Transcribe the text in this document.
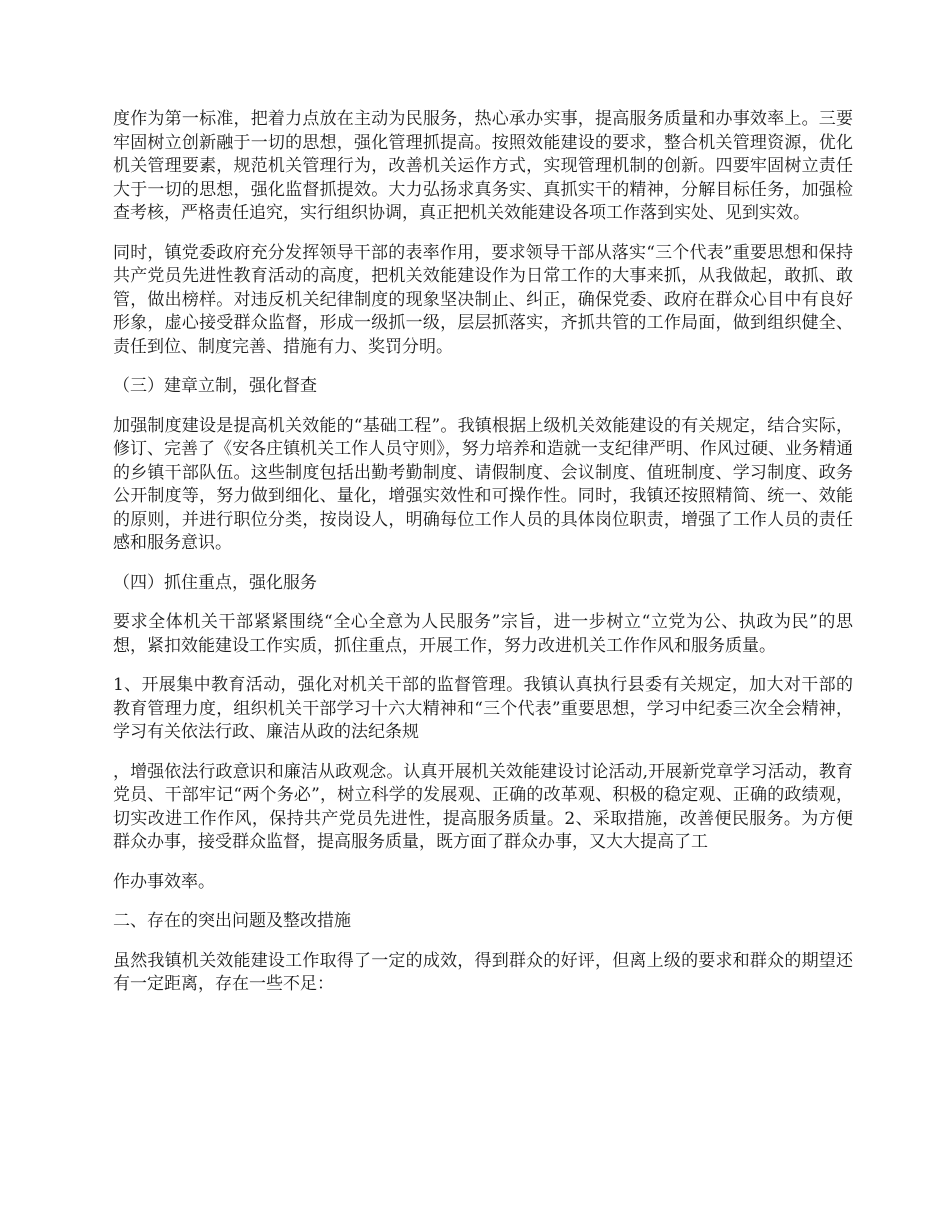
度作为第一标准，把着力点放在主动为民服务，热心承办实事，提高服务质量和办事效率上。三要牢固树立创新融于一切的思想，强化管理抓提高。按照效能建设的要求，整合机关管理资源，优化机关管理要素，规范机关管理行为，改善机关运作方式，实现管理机制的创新。四要牢固树立责任大于一切的思想，强化监督抓提效。大力弘扬求真务实、真抓实干的精神，分解目标任务，加强检查考核，严格责任追究，实行组织协调，真正把机关效能建设各项工作落到实处、见到实效。

同时，镇党委政府充分发挥领导干部的表率作用，要求领导干部从落实“三个代表”重要思想和保持共产党员先进性教育活动的高度，把机关效能建设作为日常工作的大事来抓，从我做起，敢抓、敢管，做出榜样。对违反机关纪律制度的现象坚决制止、纠正，确保党委、政府在群众心目中有良好形象，虚心接受群众监督，形成一级抓一级，层层抓落实，齐抓共管的工作局面，做到组织健全、责任到位、制度完善、措施有力、奖罚分明。

（三）建章立制，强化督查

加强制度建设是提高机关效能的“基础工程”。我镇根据上级机关效能建设的有关规定，结合实际，修订、完善了《安各庄镇机关工作人员守则》，努力培养和造就一支纪律严明、作风过硬、业务精通的乡镇干部队伍。这些制度包括出勤考勤制度、请假制度、会议制度、值班制度、学习制度、政务公开制度等，努力做到细化、量化，增强实效性和可操作性。同时，我镇还按照精简、统一、效能的原则，并进行职位分类，按岗设人，明确每位工作人员的具体岗位职责，增强了工作人员的责任感和服务意识。

（四）抓住重点，强化服务

要求全体机关干部紧紧围绕“全心全意为人民服务”宗旨，进一步树立“立党为公、执政为民”的思想，紧扣效能建设工作实质，抓住重点，开展工作，努力改进机关工作作风和服务质量。

1、开展集中教育活动，强化对机关干部的监督管理。我镇认真执行县委有关规定，加大对干部的教育管理力度，组织机关干部学习十六大精神和“三个代表”重要思想，学习中纪委三次全会精神，学习有关依法行政、廉洁从政的法纪条规

，增强依法行政意识和廉洁从政观念。认真开展机关效能建设讨论活动,开展新党章学习活动，教育党员、干部牢记“两个务必”，树立科学的发展观、正确的改革观、积极的稳定观、正确的政绩观，切实改进工作作风，保持共产党员先进性，提高服务质量。2、采取措施，改善便民服务。为方便群众办事，接受群众监督，提高服务质量，既方面了群众办事，又大大提高了工

作办事效率。

二、存在的突出问题及整改措施

虽然我镇机关效能建设工作取得了一定的成效，得到群众的好评，但离上级的要求和群众的期望还有一定距离，存在一些不足：
